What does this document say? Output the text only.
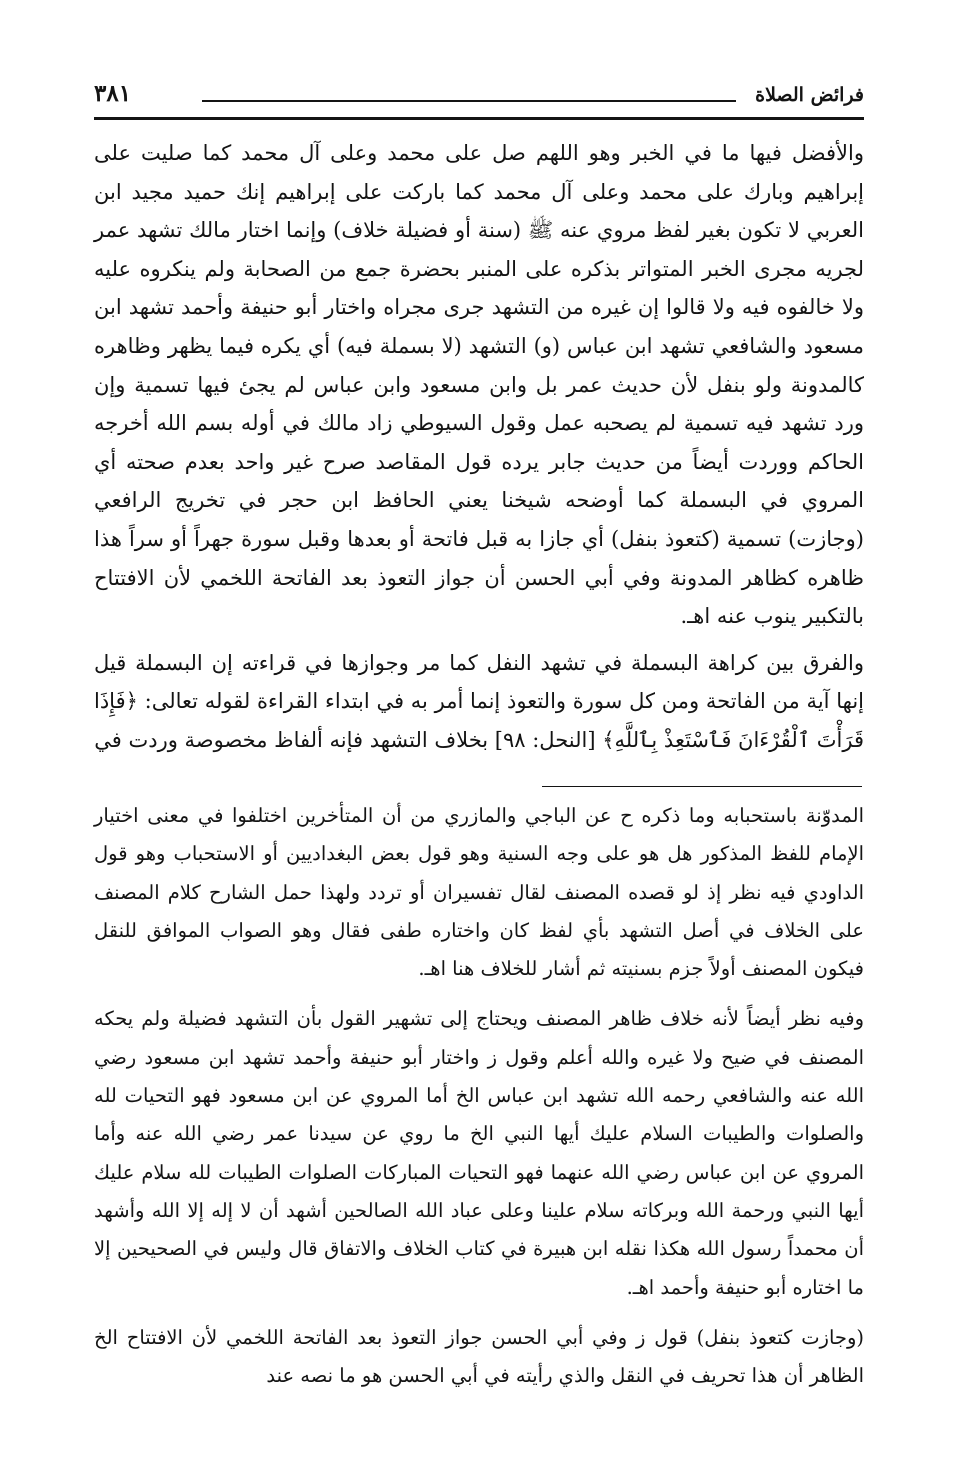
فرائض الصلاة
٣٨١

والأفضل فيها ما في الخبر وهو اللهم صل على محمد وعلى آل محمد كما صليت على إبراهيم وبارك على محمد وعلى آل محمد كما باركت على إبراهيم إنك حميد مجيد ابن العربي لا تكون بغير لفظ مروي عنه ﷺ (سنة أو فضيلة خلاف) وإنما اختار مالك تشهد عمر لجريه مجرى الخبر المتواتر بذكره على المنبر بحضرة جمع من الصحابة ولم ينكروه عليه ولا خالفوه فيه ولا قالوا إن غيره من التشهد جرى مجراه واختار أبو حنيفة وأحمد تشهد ابن مسعود والشافعي تشهد ابن عباس (و) التشهد (لا بسملة فيه) أي يكره فيما يظهر وظاهره كالمدونة ولو بنفل لأن حديث عمر بل وابن مسعود وابن عباس لم يجئ فيها تسمية وإن ورد تشهد فيه تسمية لم يصحبه عمل وقول السيوطي زاد مالك في أوله بسم الله أخرجه الحاكم ووردت أيضاً من حديث جابر يرده قول المقاصد صرح غير واحد بعدم صحته أي المروي في البسملة كما أوضحه شيخنا يعني الحافظ ابن حجر في تخريج الرافعي (وجازت) تسمية (كتعوذ بنفل) أي جازا به قبل فاتحة أو بعدها وقبل سورة جهراً أو سراً هذا ظاهره كظاهر المدونة وفي أبي الحسن أن جواز التعوذ بعد الفاتحة اللخمي لأن الافتتاح بالتكبير ينوب عنه اهـ.

والفرق بين كراهة البسملة في تشهد النفل كما مر وجوازها في قراءته إن البسملة قيل إنها آية من الفاتحة ومن كل سورة والتعوذ إنما أمر به في ابتداء القراءة لقوله تعالى: ﴿فَإِذَا قَرَأْتَ ٱلْقُرْءَانَ فَٱسْتَعِذْ بِٱللَّهِ﴾ [النحل: ٩٨] بخلاف التشهد فإنه ألفاظ مخصوصة وردت في

المدوّنة باستحبابه وما ذكره ح عن الباجي والمازري من أن المتأخرين اختلفوا في معنى اختيار الإمام للفظ المذكور هل هو على وجه السنية وهو قول بعض البغداديين أو الاستحباب وهو قول الداودي فيه نظر إذ لو قصده المصنف لقال تفسيران أو تردد ولهذا حمل الشارح كلام المصنف على الخلاف في أصل التشهد بأي لفظ كان واختاره طفى فقال وهو الصواب الموافق للنقل فيكون المصنف أولاً جزم بسنيته ثم أشار للخلاف هنا اهـ.

وفيه نظر أيضاً لأنه خلاف ظاهر المصنف ويحتاج إلى تشهير القول بأن التشهد فضيلة ولم يحكه المصنف في ضيح ولا غيره والله أعلم وقول ز واختار أبو حنيفة وأحمد تشهد ابن مسعود رضي الله عنه والشافعي رحمه الله تشهد ابن عباس الخ أما المروي عن ابن مسعود فهو التحيات لله والصلوات والطيبات السلام عليك أيها النبي الخ ما روي عن سيدنا عمر رضي الله عنه وأما المروي عن ابن عباس رضي الله عنهما فهو التحيات المباركات الصلوات الطيبات لله سلام عليك أيها النبي ورحمة الله وبركاته سلام علينا وعلى عباد الله الصالحين أشهد أن لا إله إلا الله وأشهد أن محمداً رسول الله هكذا نقله ابن هبيرة في كتاب الخلاف والاتفاق قال وليس في الصحيحين إلا ما اختاره أبو حنيفة وأحمد اهـ.

(وجازت كتعوذ بنفل) قول ز وفي أبي الحسن جواز التعوذ بعد الفاتحة اللخمي لأن الافتتاح الخ الظاهر أن هذا تحريف في النقل والذي رأيته في أبي الحسن هو ما نصه عند
